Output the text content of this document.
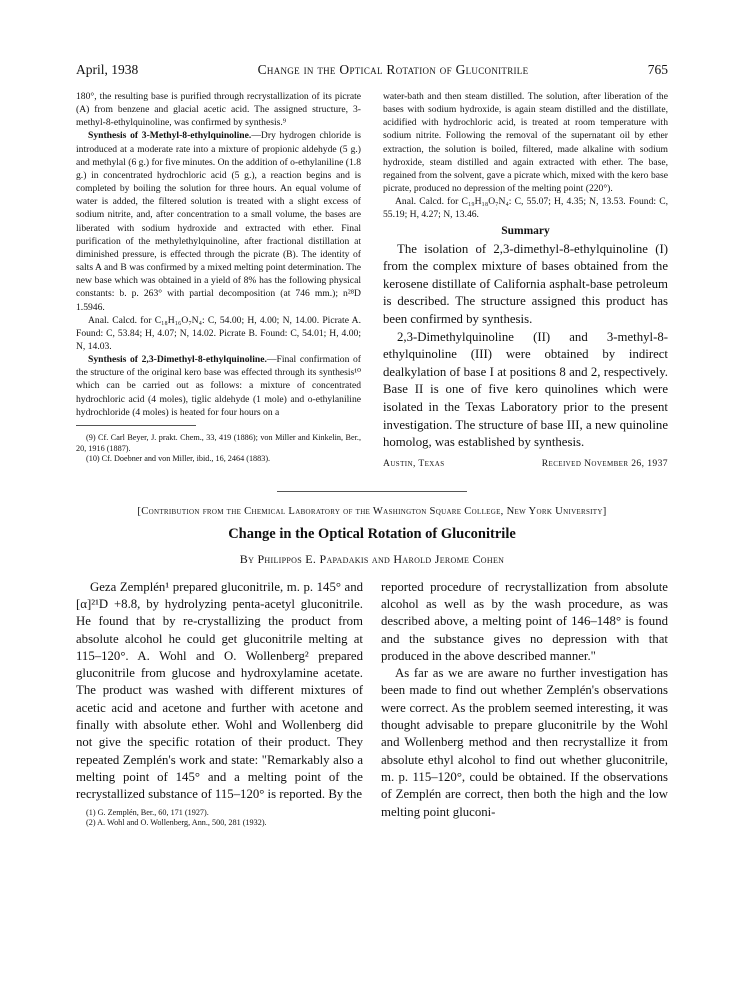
April, 1938	Change in the Optical Rotation of Gluconitrile	765

180°, the resulting base is purified through recrystallization of its picrate (A) from benzene and glacial acetic acid. The assigned structure, 3-methyl-8-ethylquinoline, was confirmed by synthesis.⁹

Synthesis of 3-Methyl-8-ethylquinoline.—Dry hydrogen chloride is introduced at a moderate rate into a mixture of propionic aldehyde (5 g.) and methylal (6 g.) for five minutes. On the addition of o-ethylaniline (1.8 g.) in concentrated hydrochloric acid (5 g.), a reaction begins and is completed by boiling the solution for three hours. An equal volume of water is added, the filtered solution is treated with a slight excess of sodium nitrite, and, after concentration to a small volume, the bases are liberated with sodium hydroxide and extracted with ether. Final purification of the methylethylquinoline, after fractional distillation at diminished pressure, is effected through the picrate (B). The identity of salts A and B was confirmed by a mixed melting point determination. The new base which was obtained in a yield of 8% has the following physical constants: b. p. 263° with partial decomposition (at 746 mm.); n²⁸D 1.5946.

Anal. Calcd. for C₁₈H₁₆O₇N₄: C, 54.00; H, 4.00; N, 14.00. Picrate A. Found: C, 53.84; H, 4.07; N, 14.02. Picrate B. Found: C, 54.01; H, 4.00; N, 14.03.

Synthesis of 2,3-Dimethyl-8-ethylquinoline.—Final confirmation of the structure of the original kero base was effected through its synthesis¹⁰ which can be carried out as follows: a mixture of concentrated hydrochloric acid (4 moles), tiglic aldehyde (1 mole) and o-ethylaniline hydrochloride (4 moles) is heated for four hours on a

(9) Cf. Carl Beyer, J. prakt. Chem., 33, 419 (1886); von Miller and Kinkelin, Ber., 20, 1916 (1887).
(10) Cf. Doebner and von Miller, ibid., 16, 2464 (1883).

water-bath and then steam distilled. The solution, after liberation of the bases with sodium hydroxide, is again steam distilled and the distillate, acidified with hydrochloric acid, is treated at room temperature with sodium nitrite. Following the removal of the supernatant oil by ether extraction, the solution is boiled, filtered, made alkaline with sodium hydroxide, steam distilled and again extracted with ether. The base, regained from the solvent, gave a picrate which, mixed with the kero base picrate, produced no depression of the melting point (220°).

Anal. Calcd. for C₁₉H₁₈O₇N₄: C, 55.07; H, 4.35; N, 13.53. Found: C, 55.19; H, 4.27; N, 13.46.

Summary

The isolation of 2,3-dimethyl-8-ethylquinoline (I) from the complex mixture of bases obtained from the kerosene distillate of California asphalt-base petroleum is described. The structure assigned this product has been confirmed by synthesis.

2,3-Dimethylquinoline (II) and 3-methyl-8-ethylquinoline (III) were obtained by indirect dealkylation of base I at positions 8 and 2, respectively. Base II is one of five kero quinolines which were isolated in the Texas Laboratory prior to the present investigation. The structure of base III, a new quinoline homolog, was established by synthesis.

Austin, Texas	Received November 26, 1937
[Contribution from the Chemical Laboratory of the Washington Square College, New York University]
Change in the Optical Rotation of Gluconitrile
By Philippos E. Papadakis and Harold Jerome Cohen

Geza Zemplén¹ prepared gluconitrile, m. p. 145° and [α]²¹D +8.8, by hydrolyzing penta-acetyl gluconitrile. He found that by re-crystallizing the product from absolute alcohol he could get gluconitrile melting at 115–120°. A. Wohl and O. Wollenberg² prepared gluconitrile from glucose and hydroxylamine acetate. The product was washed with different mixtures of acetic acid and acetone and further with acetone and finally with absolute ether. Wohl and Wollenberg did not give the specific rotation of their product. They repeated Zemplén's work and state: "Remarkably also a melting point of 145° and a melting point of the recrystallized substance of 115–120° is reported. By the

(1) G. Zemplén, Ber., 60, 171 (1927).
(2) A. Wohl and O. Wollenberg, Ann., 500, 281 (1932).

reported procedure of recrystallization from absolute alcohol as well as by the wash procedure, as was described above, a melting point of 146–148° is found and the substance gives no depression with that produced in the above described manner."

As far as we are aware no further investigation has been made to find out whether Zemplén's observations were correct. As the problem seemed interesting, it was thought advisable to prepare gluconitrile by the Wohl and Wollenberg method and then recrystallize it from absolute ethyl alcohol to find out whether gluconitrile, m. p. 115–120°, could be obtained. If the observations of Zemplén are correct, then both the high and the low melting point gluconi-
